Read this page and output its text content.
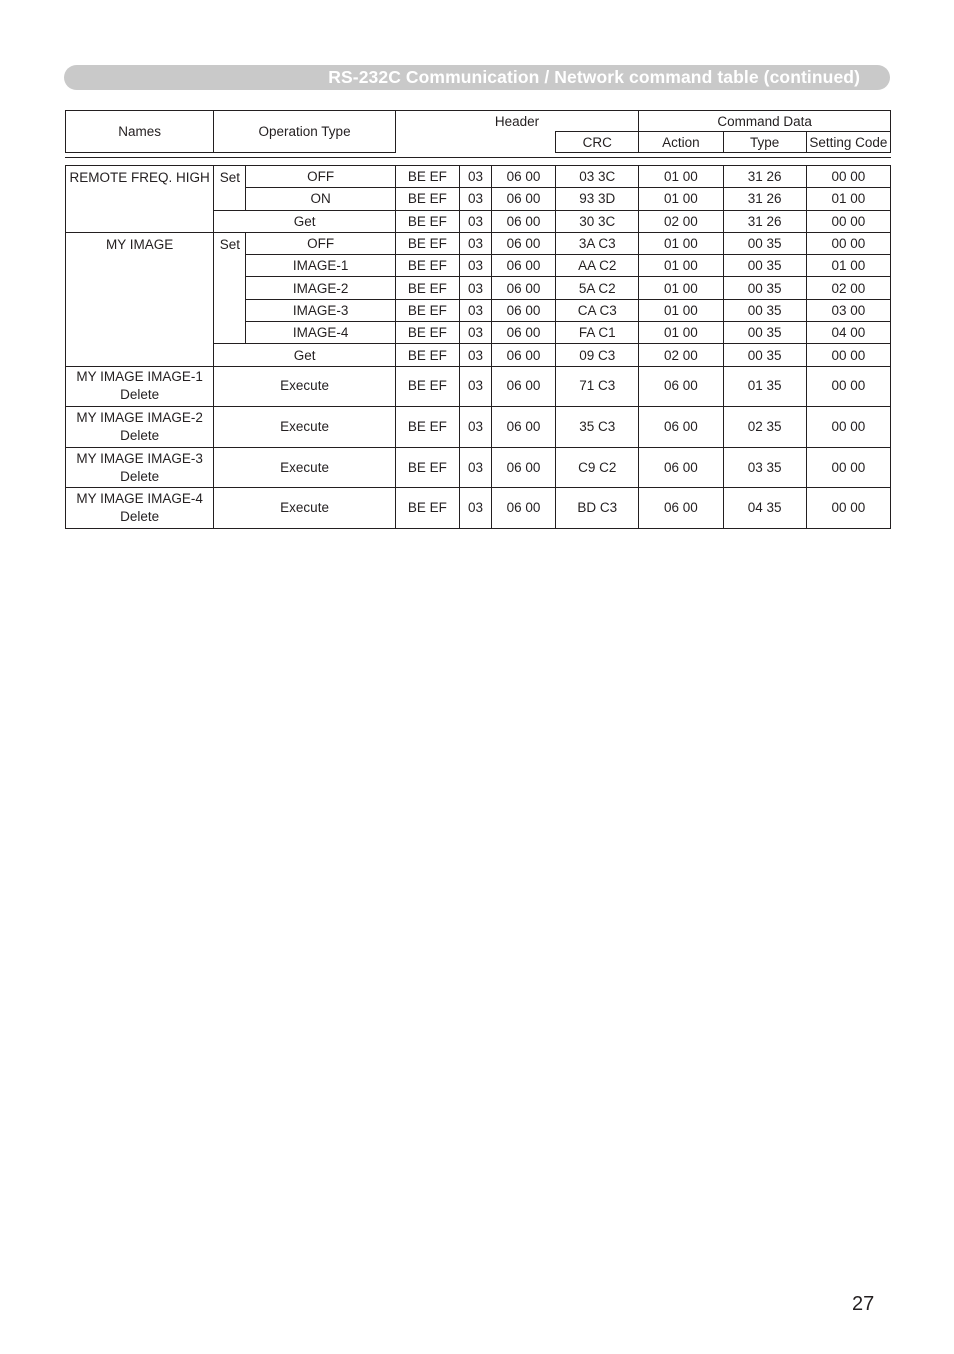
RS-232C Communication / Network command table (continued)
Names	Operation Type	Header		Command Data		
			CRC	Action	Type	Setting Code
REMOTE FREQ. HIGH	Set	OFF	BE EF	03	06 00	03 3C	01 00	31 26	00 00
		ON	BE EF	03	06 00	93 3D	01 00	31 26	01 00
	Get		BE EF	03	06 00	30 3C	02 00	31 26	00 00
MY IMAGE	Set	OFF	BE EF	03	06 00	3A C3	01 00	00 35	00 00
		IMAGE-1	BE EF	03	06 00	AA C2	01 00	00 35	01 00
		IMAGE-2	BE EF	03	06 00	5A C2	01 00	00 35	02 00
		IMAGE-3	BE EF	03	06 00	CA C3	01 00	00 35	03 00
		IMAGE-4	BE EF	03	06 00	FA C1	01 00	00 35	04 00
	Get		BE EF	03	06 00	09 C3	02 00	00 35	00 00
MY IMAGE IMAGE-1 Delete	Execute		BE EF	03	06 00	71 C3	06 00	01 35	00 00
MY IMAGE IMAGE-2 Delete	Execute		BE EF	03	06 00	35 C3	06 00	02 35	00 00
MY IMAGE IMAGE-3 Delete	Execute		BE EF	03	06 00	C9 C2	06 00	03 35	00 00
MY IMAGE IMAGE-4 Delete	Execute		BE EF	03	06 00	BD C3	06 00	04 35	00 00
27
